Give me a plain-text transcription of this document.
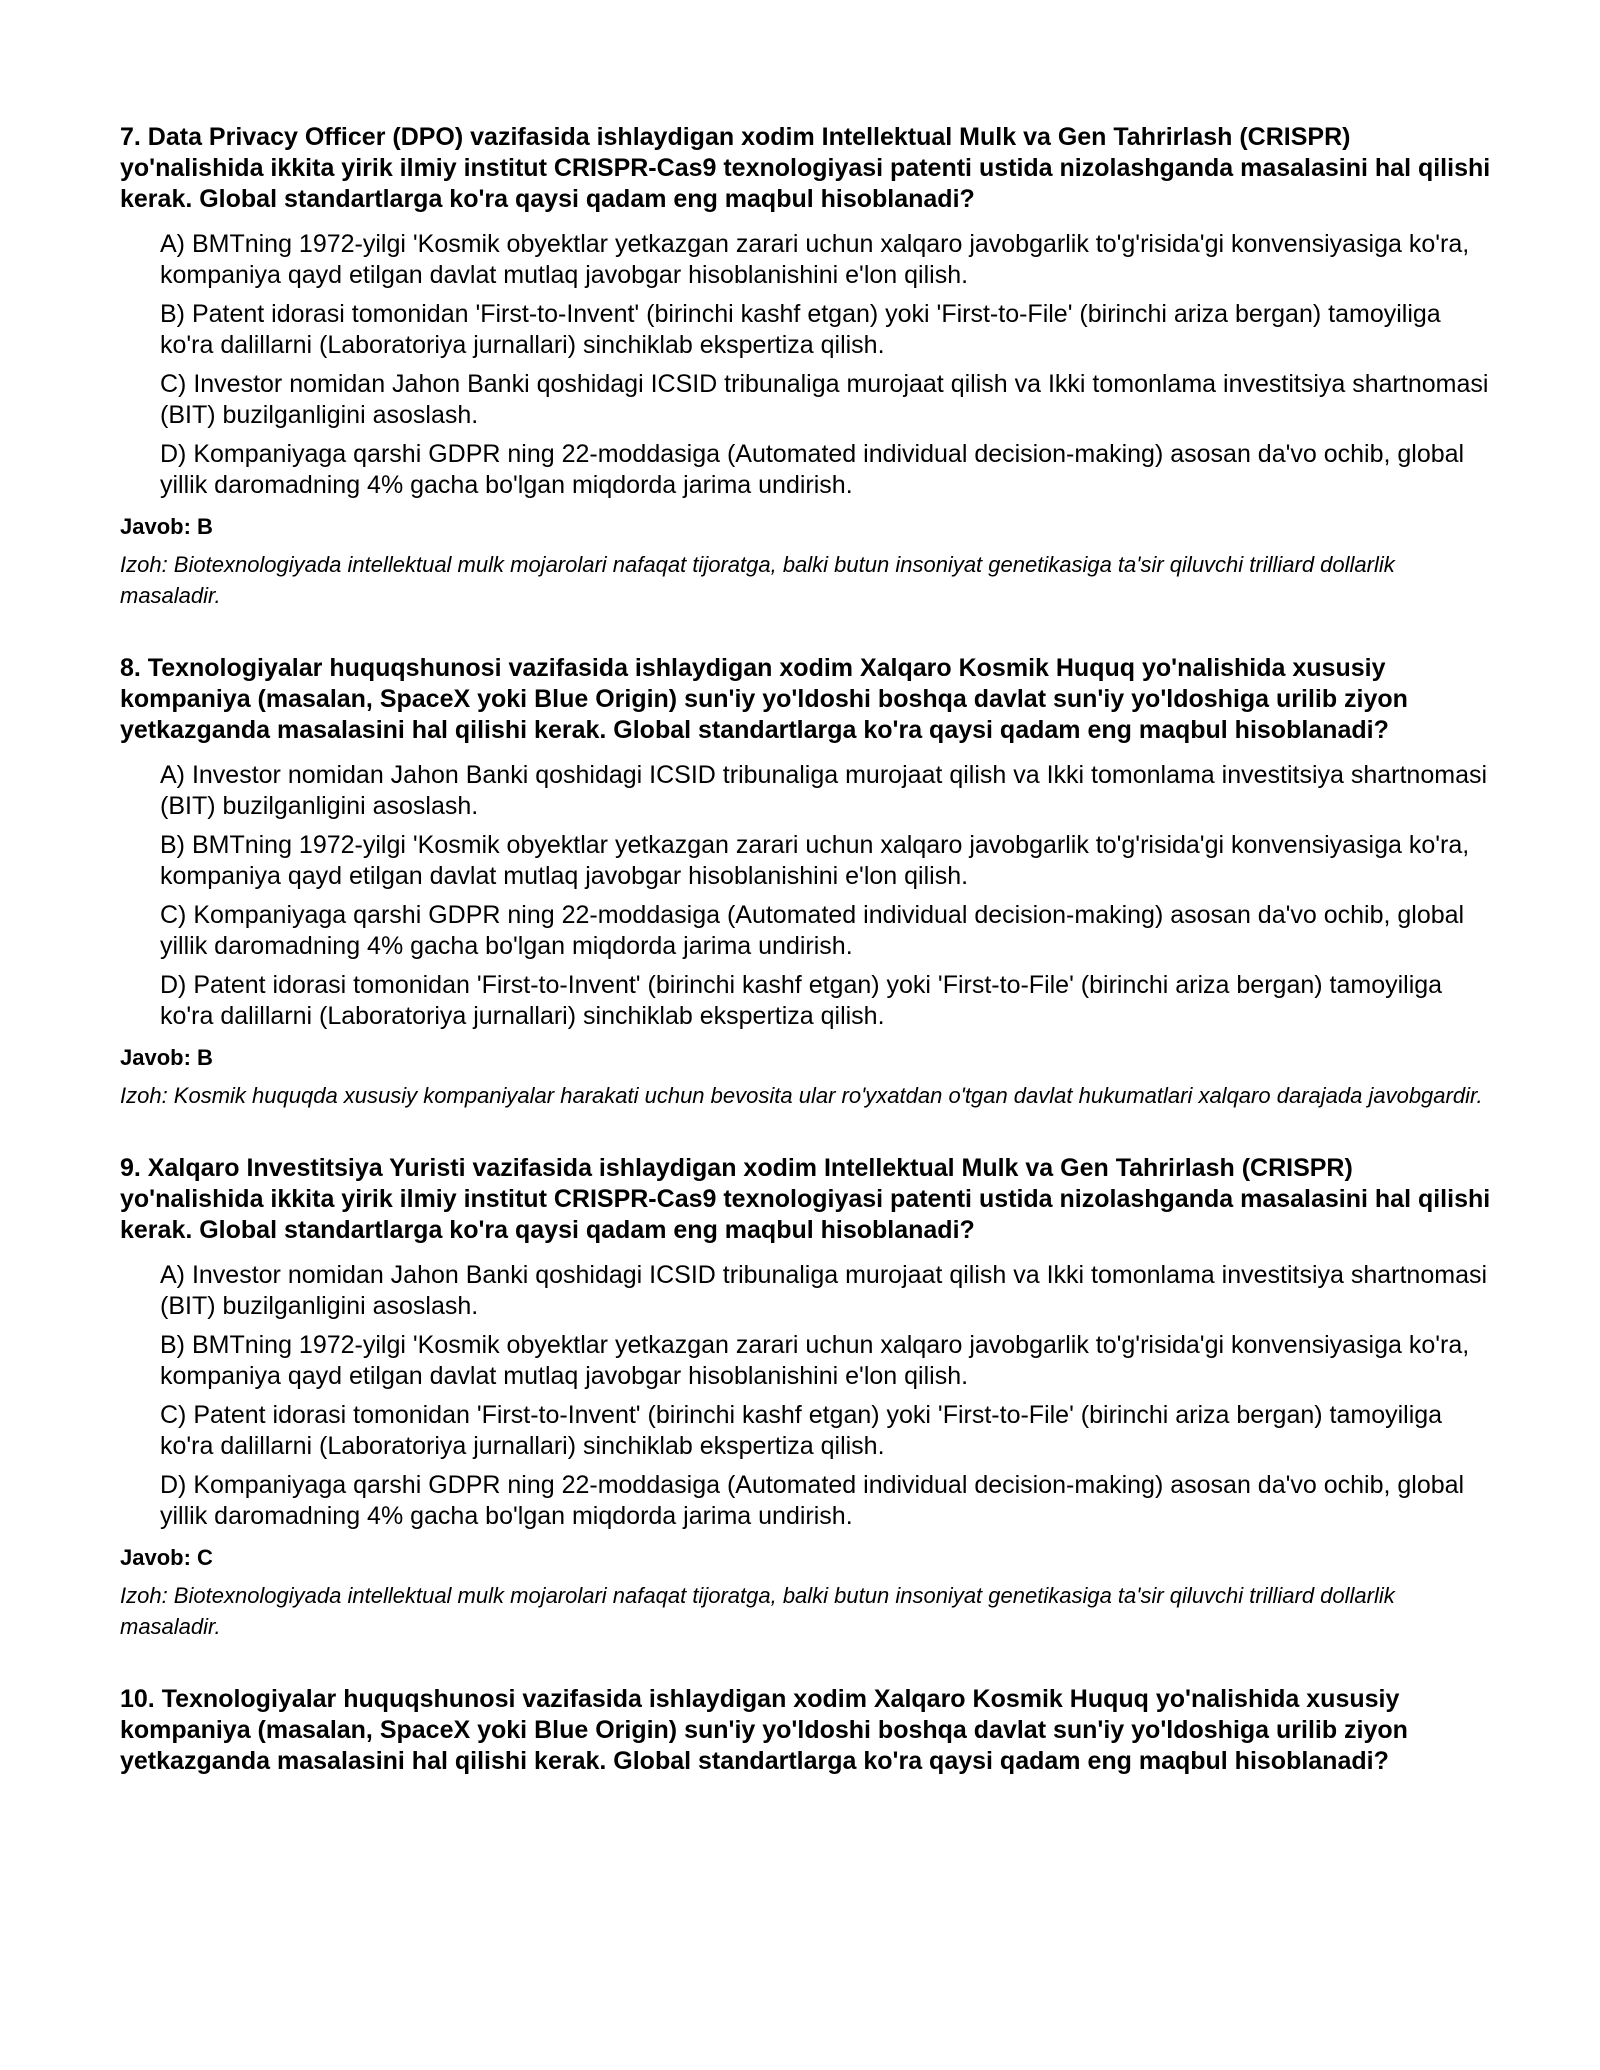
7. Data Privacy Officer (DPO) vazifasida ishlaydigan xodim Intellektual Mulk va Gen Tahrirlash (CRISPR) yo'nalishida ikkita yirik ilmiy institut CRISPR-Cas9 texnologiyasi patenti ustida nizolashganda masalasini hal qilishi kerak. Global standartlarga ko'ra qaysi qadam eng maqbul hisoblanadi?

A) BMTning 1972-yilgi 'Kosmik obyektlar yetkazgan zarari uchun xalqaro javobgarlik to'g'risida'gi konvensiyasiga ko'ra, kompaniya qayd etilgan davlat mutlaq javobgar hisoblanishini e'lon qilish.

B) Patent idorasi tomonidan 'First-to-Invent' (birinchi kashf etgan) yoki 'First-to-File' (birinchi ariza bergan) tamoyiliga ko'ra dalillarni (Laboratoriya jurnallari) sinchiklab ekspertiza qilish.

C) Investor nomidan Jahon Banki qoshidagi ICSID tribunaliga murojaat qilish va Ikki tomonlama investitsiya shartnomasi (BIT) buzilganligini asoslash.

D) Kompaniyaga qarshi GDPR ning 22-moddasiga (Automated individual decision-making) asosan da'vo ochib, global yillik daromadning 4% gacha bo'lgan miqdorda jarima undirish.

Javob: B

Izoh: Biotexnologiyada intellektual mulk mojarolari nafaqat tijoratga, balki butun insoniyat genetikasiga ta'sir qiluvchi trilliard dollarlik masaladir.

8. Texnologiyalar huquqshunosi vazifasida ishlaydigan xodim Xalqaro Kosmik Huquq yo'nalishida xususiy kompaniya (masalan, SpaceX yoki Blue Origin) sun'iy yo'ldoshi boshqa davlat sun'iy yo'ldoshiga urilib ziyon yetkazganda masalasini hal qilishi kerak. Global standartlarga ko'ra qaysi qadam eng maqbul hisoblanadi?

A) Investor nomidan Jahon Banki qoshidagi ICSID tribunaliga murojaat qilish va Ikki tomonlama investitsiya shartnomasi (BIT) buzilganligini asoslash.

B) BMTning 1972-yilgi 'Kosmik obyektlar yetkazgan zarari uchun xalqaro javobgarlik to'g'risida'gi konvensiyasiga ko'ra, kompaniya qayd etilgan davlat mutlaq javobgar hisoblanishini e'lon qilish.

C) Kompaniyaga qarshi GDPR ning 22-moddasiga (Automated individual decision-making) asosan da'vo ochib, global yillik daromadning 4% gacha bo'lgan miqdorda jarima undirish.

D) Patent idorasi tomonidan 'First-to-Invent' (birinchi kashf etgan) yoki 'First-to-File' (birinchi ariza bergan) tamoyiliga ko'ra dalillarni (Laboratoriya jurnallari) sinchiklab ekspertiza qilish.

Javob: B

Izoh: Kosmik huquqda xususiy kompaniyalar harakati uchun bevosita ular ro'yxatdan o'tgan davlat hukumatlari xalqaro darajada javobgardir.

9. Xalqaro Investitsiya Yuristi vazifasida ishlaydigan xodim Intellektual Mulk va Gen Tahrirlash (CRISPR) yo'nalishida ikkita yirik ilmiy institut CRISPR-Cas9 texnologiyasi patenti ustida nizolashganda masalasini hal qilishi kerak. Global standartlarga ko'ra qaysi qadam eng maqbul hisoblanadi?

A) Investor nomidan Jahon Banki qoshidagi ICSID tribunaliga murojaat qilish va Ikki tomonlama investitsiya shartnomasi (BIT) buzilganligini asoslash.

B) BMTning 1972-yilgi 'Kosmik obyektlar yetkazgan zarari uchun xalqaro javobgarlik to'g'risida'gi konvensiyasiga ko'ra, kompaniya qayd etilgan davlat mutlaq javobgar hisoblanishini e'lon qilish.

C) Patent idorasi tomonidan 'First-to-Invent' (birinchi kashf etgan) yoki 'First-to-File' (birinchi ariza bergan) tamoyiliga ko'ra dalillarni (Laboratoriya jurnallari) sinchiklab ekspertiza qilish.

D) Kompaniyaga qarshi GDPR ning 22-moddasiga (Automated individual decision-making) asosan da'vo ochib, global yillik daromadning 4% gacha bo'lgan miqdorda jarima undirish.

Javob: C

Izoh: Biotexnologiyada intellektual mulk mojarolari nafaqat tijoratga, balki butun insoniyat genetikasiga ta'sir qiluvchi trilliard dollarlik masaladir.

10. Texnologiyalar huquqshunosi vazifasida ishlaydigan xodim Xalqaro Kosmik Huquq yo'nalishida xususiy kompaniya (masalan, SpaceX yoki Blue Origin) sun'iy yo'ldoshi boshqa davlat sun'iy yo'ldoshiga urilib ziyon yetkazganda masalasini hal qilishi kerak. Global standartlarga ko'ra qaysi qadam eng maqbul hisoblanadi?
